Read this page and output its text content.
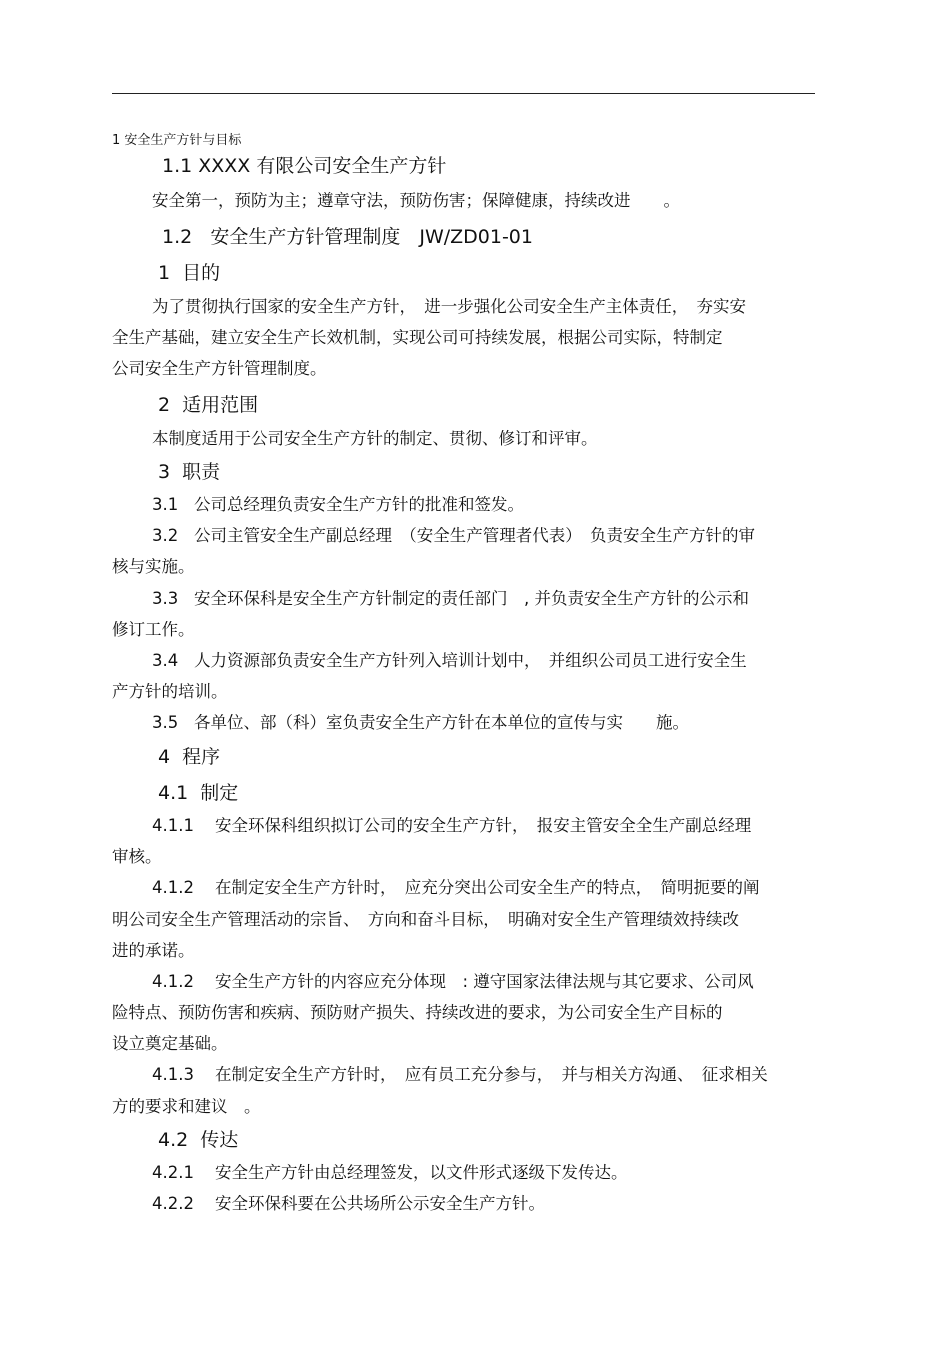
1 安全生产方针与目标
1.1 XXXX 有限公司安全生产方针
安全第一，预防为主；遵章守法，预防伤害；保障健康，持续改进　　。
1.2   安全生产方针管理制度　JW/ZD01-01
1  目的
为了贯彻执行国家的安全生产方针，　进一步强化公司安全生产主体责任，　夯实安
全生产基础，建立安全生产长效机制，实现公司可持续发展，根据公司实际，特制定
公司安全生产方针管理制度。
2  适用范围
本制度适用于公司安全生产方针的制定、贯彻、修订和评审。
3  职责
3.1   公司总经理负责安全生产方针的批准和签发。
3.2   公司主管安全生产副总经理　（安全生产管理者代表）　负责安全生产方针的审
核与实施。
3.3   安全环保科是安全生产方针制定的责任部门　, 并负责安全生产方针的公示和
修订工作。
3.4   人力资源部负责安全生产方针列入培训计划中，　并组织公司员工进行安全生
产方针的培训。
3.5   各单位、部（科）室负责安全生产方针在本单位的宣传与实　　施。
4  程序
4.1  制定
4.1.1    安全环保科组织拟订公司的安全生产方针，　报安主管安全全生产副总经理
审核。
4.1.2    在制定安全生产方针时，　应充分突出公司安全生产的特点，　简明扼要的阐
明公司安全生产管理活动的宗旨、　方向和奋斗目标，　明确对安全生产管理绩效持续改
进的承诺。
4.1.2    安全生产方针的内容应充分体现　: 遵守国家法律法规与其它要求、公司风
险特点、预防伤害和疾病、预防财产损失、持续改进的要求，为公司安全生产目标的
设立奠定基础。
4.1.3    在制定安全生产方针时，　应有员工充分参与，　并与相关方沟通、　征求相关
方的要求和建议　。
4.2  传达
4.2.1    安全生产方针由总经理签发，以文件形式逐级下发传达。
4.2.2    安全环保科要在公共场所公示安全生产方针。
